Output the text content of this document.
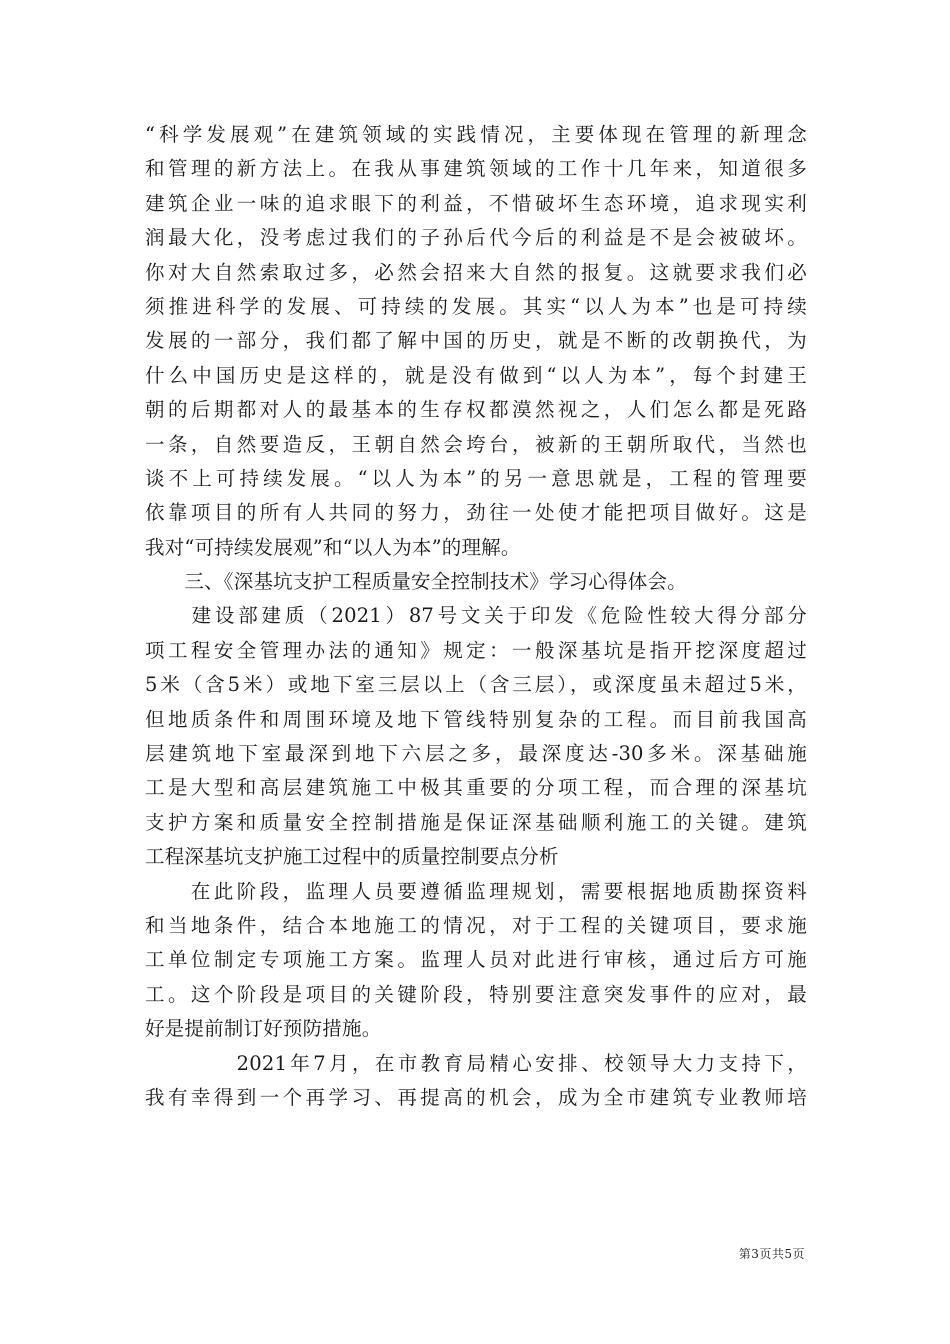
“科学发展观”在建筑领域的实践情况，主要体现在管理的新理念
和管理的新方法上。在我从事建筑领域的工作十几年来，知道很多
建筑企业一味的追求眼下的利益，不惜破坏生态环境，追求现实利
润最大化，没考虑过我们的子孙后代今后的利益是不是会被破坏。
你对大自然索取过多，必然会招来大自然的报复。这就要求我们必
须推进科学的发展、可持续的发展。其实“以人为本”也是可持续
发展的一部分，我们都了解中国的历史，就是不断的改朝换代，为
什么中国历史是这样的，就是没有做到“以人为本”，每个封建王
朝的后期都对人的最基本的生存权都漠然视之，人们怎么都是死路
一条，自然要造反，王朝自然会垮台，被新的王朝所取代，当然也
谈不上可持续发展。“以人为本”的另一意思就是，工程的管理要
依靠项目的所有人共同的努力，劲往一处使才能把项目做好。这是
我对“可持续发展观”和“以人为本”的理解。
　　三、《深基坑支护工程质量安全控制技术》学习心得体会。
　　建设部建质（2021）87号文关于印发《危险性较大得分部分
项工程安全管理办法的通知》规定：一般深基坑是指开挖深度超过
5米（含5米）或地下室三层以上（含三层），或深度虽未超过5米，
但地质条件和周围环境及地下管线特别复杂的工程。而目前我国高
层建筑地下室最深到地下六层之多，最深度达-30多米。深基础施
工是大型和高层建筑施工中极其重要的分项工程，而合理的深基坑
支护方案和质量安全控制措施是保证深基础顺利施工的关键。建筑
工程深基坑支护施工过程中的质量控制要点分析
　　在此阶段，监理人员要遵循监理规划，需要根据地质勘探资料
和当地条件，结合本地施工的情况，对于工程的关键项目，要求施
工单位制定专项施工方案。监理人员对此进行审核，通过后方可施
工。这个阶段是项目的关键阶段，特别要注意突发事件的应对，最
好是提前制订好预防措施。
　　　　2021年7月，在市教育局精心安排、校领导大力支持下，
我有幸得到一个再学习、再提高的机会，成为全市建筑专业教师培
第3页共5页
